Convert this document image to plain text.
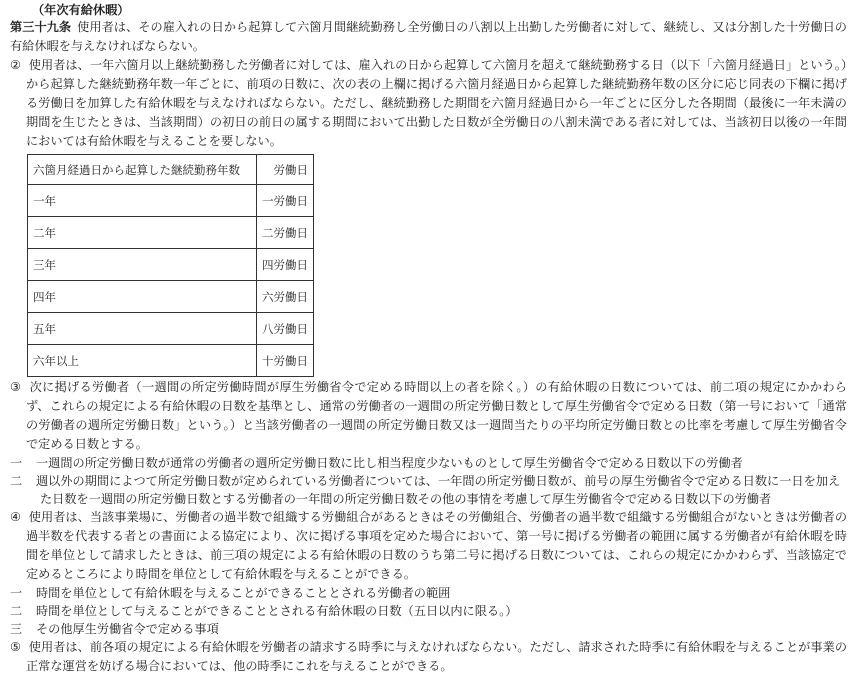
（年次有給休暇）

第三十九条 使用者は、その雇入れの日から起算して六箇月間継続勤務し全労働日の八割以上出勤した労働者に対して、継続し、又は分割した十労働日の有給休暇を与えなければならない。

② 使用者は、一年六箇月以上継続勤務した労働者に対しては、雇入れの日から起算して六箇月を超えて継続勤務する日（以下「六箇月経過日」という。）から起算した継続勤務年数一年ごとに、前項の日数に、次の表の上欄に掲げる六箇月経過日から起算した継続勤務年数の区分に応じ同表の下欄に掲げる労働日を加算した有給休暇を与えなければならない。ただし、継続勤務した期間を六箇月経過日から一年ごとに区分した各期間（最後に一年未満の期間を生じたときは、当該期間）の初日の前日の属する期間において出勤した日数が全労働日の八割未満である者に対しては、当該初日以後の一年間においては有給休暇を与えることを要しない。

六箇月経過日から起算した継続勤務年数	労働日
一年	一労働日
二年	二労働日
三年	四労働日
四年	六労働日
五年	八労働日
六年以上	十労働日

③ 次に掲げる労働者（一週間の所定労働時間が厚生労働省令で定める時間以上の者を除く。）の有給休暇の日数については、前二項の規定にかかわらず、これらの規定による有給休暇の日数を基準とし、通常の労働者の一週間の所定労働日数として厚生労働省令で定める日数（第一号において「通常の労働者の週所定労働日数」という。）と当該労働者の一週間の所定労働日数又は一週間当たりの平均所定労働日数との比率を考慮して厚生労働省令で定める日数とする。

一 一週間の所定労働日数が通常の労働者の週所定労働日数に比し相当程度少ないものとして厚生労働省令で定める日数以下の労働者

二 週以外の期間によつて所定労働日数が定められている労働者については、一年間の所定労働日数が、前号の厚生労働省令で定める日数に一日を加えた日数を一週間の所定労働日数とする労働者の一年間の所定労働日数その他の事情を考慮して厚生労働省令で定める日数以下の労働者

④ 使用者は、当該事業場に、労働者の過半数で組織する労働組合があるときはその労働組合、労働者の過半数で組織する労働組合がないときは労働者の過半数を代表する者との書面による協定により、次に掲げる事項を定めた場合において、第一号に掲げる労働者の範囲に属する労働者が有給休暇を時間を単位として請求したときは、前三項の規定による有給休暇の日数のうち第二号に掲げる日数については、これらの規定にかかわらず、当該協定で定めるところにより時間を単位として有給休暇を与えることができる。

一 時間を単位として有給休暇を与えることができることとされる労働者の範囲

二 時間を単位として与えることができることとされる有給休暇の日数（五日以内に限る。）

三 その他厚生労働省令で定める事項

⑤ 使用者は、前各項の規定による有給休暇を労働者の請求する時季に与えなければならない。ただし、請求された時季に有給休暇を与えることが事業の正常な運営を妨げる場合においては、他の時季にこれを与えることができる。
